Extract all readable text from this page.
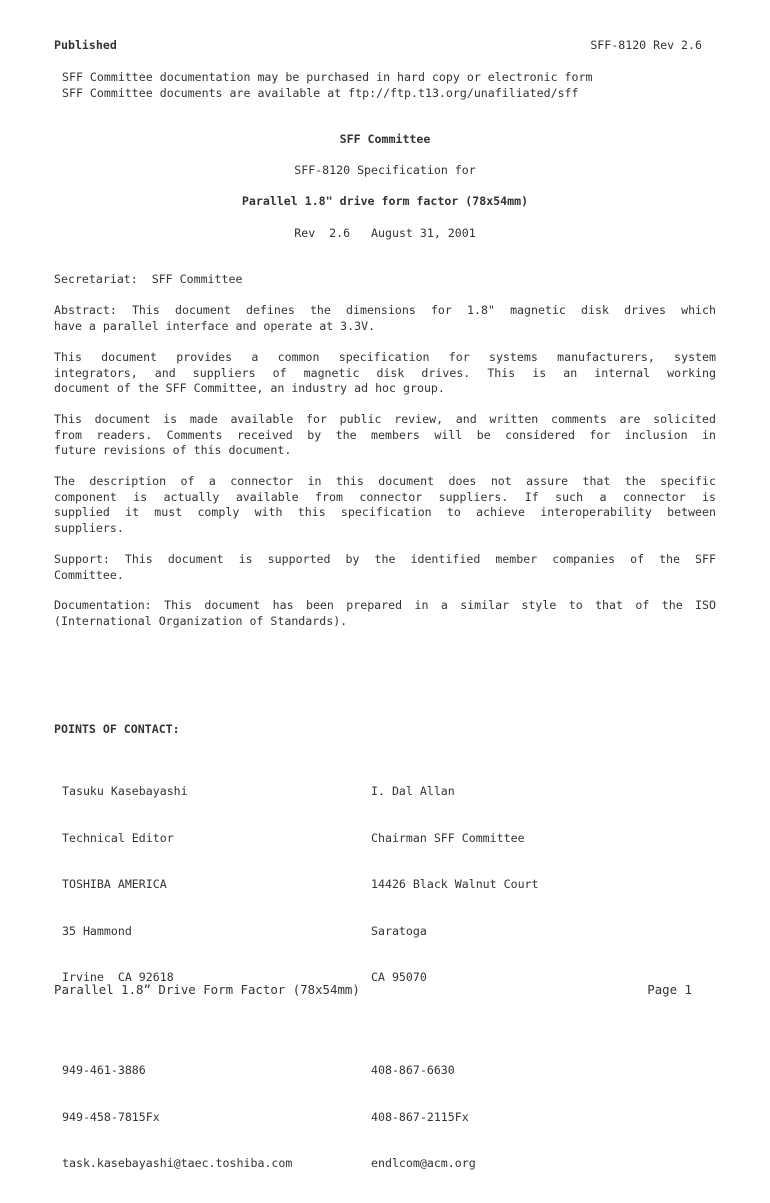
Published	SFF-8120 Rev 2.6
SFF Committee documentation may be purchased in hard copy or electronic form
SFF Committee documents are available at ftp://ftp.t13.org/unafiliated/sff
SFF Committee
SFF-8120 Specification for
Parallel 1.8" drive form factor (78x54mm)
Rev  2.6   August 31, 2001
Secretariat:  SFF Committee
Abstract: This document defines the dimensions for 1.8" magnetic disk drives which
have a parallel interface and operate at 3.3V.
This document provides a common specification for systems manufacturers, system
integrators, and suppliers of magnetic disk drives. This is an internal working
document of the SFF Committee, an industry ad hoc group.
This document is made available for public review, and written comments are solicited
from readers. Comments received by the members will be considered for inclusion in
future revisions of this document.
The description of a connector in this document does not assure that the specific
component is actually available from connector suppliers. If such a connector is
supplied it must comply with this specification to achieve interoperability between
suppliers.
Support: This document is supported by the identified member companies of the SFF
Committee.
Documentation: This document has been prepared in a similar style to that of the ISO
(International Organization of Standards).
POINTS OF CONTACT:

Tasuku Kasebayashi

Technical Editor

TOSHIBA AMERICA

35 Hammond

Irvine  CA 92618

949-461-3886

949-458-7815Fx

task.kasebayashi@taec.toshiba.com

I. Dal Allan

Chairman SFF Committee

14426 Black Walnut Court

Saratoga

CA 95070

408-867-6630

408-867-2115Fx

endlcom@acm.org

Parallel 1.8” Drive Form Factor (78x54mm)	Page 1
